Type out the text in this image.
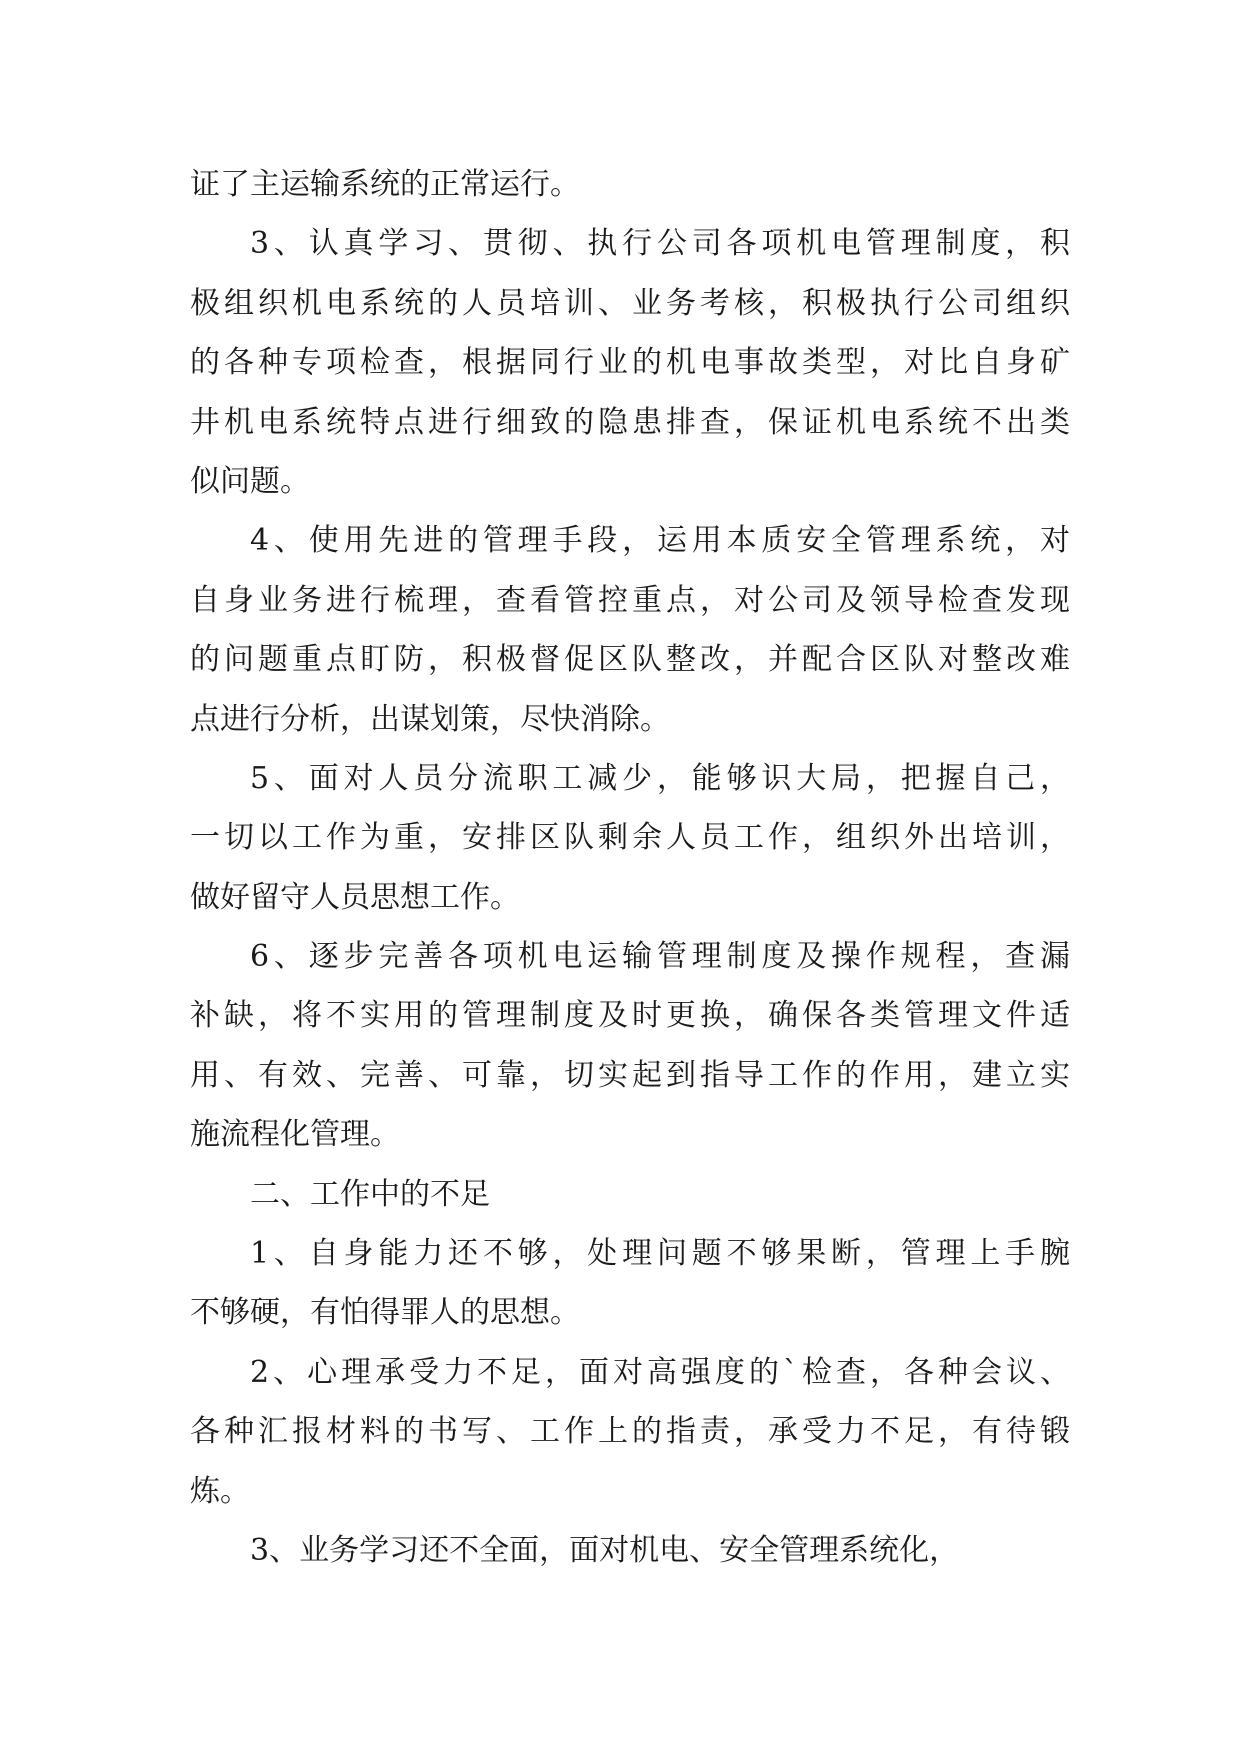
证了主运输系统的正常运行。
3、认真学习、贯彻、执行公司各项机电管理制度，积
极组织机电系统的人员培训、业务考核，积极执行公司组织
的各种专项检查，根据同行业的机电事故类型，对比自身矿
井机电系统特点进行细致的隐患排查，保证机电系统不出类
似问题。
4、使用先进的管理手段，运用本质安全管理系统，对
自身业务进行梳理，查看管控重点，对公司及领导检查发现
的问题重点盯防，积极督促区队整改，并配合区队对整改难
点进行分析，出谋划策，尽快消除。
5、面对人员分流职工减少，能够识大局，把握自己，
一切以工作为重，安排区队剩余人员工作，组织外出培训，
做好留守人员思想工作。
6、逐步完善各项机电运输管理制度及操作规程，查漏
补缺，将不实用的管理制度及时更换，确保各类管理文件适
用、有效、完善、可靠，切实起到指导工作的作用，建立实
施流程化管理。
二、工作中的不足
1、自身能力还不够，处理问题不够果断，管理上手腕
不够硬，有怕得罪人的思想。
2、心理承受力不足，面对高强度的`检查，各种会议、
各种汇报材料的书写、工作上的指责，承受力不足，有待锻
炼。
3、业务学习还不全面，面对机电、安全管理系统化，
